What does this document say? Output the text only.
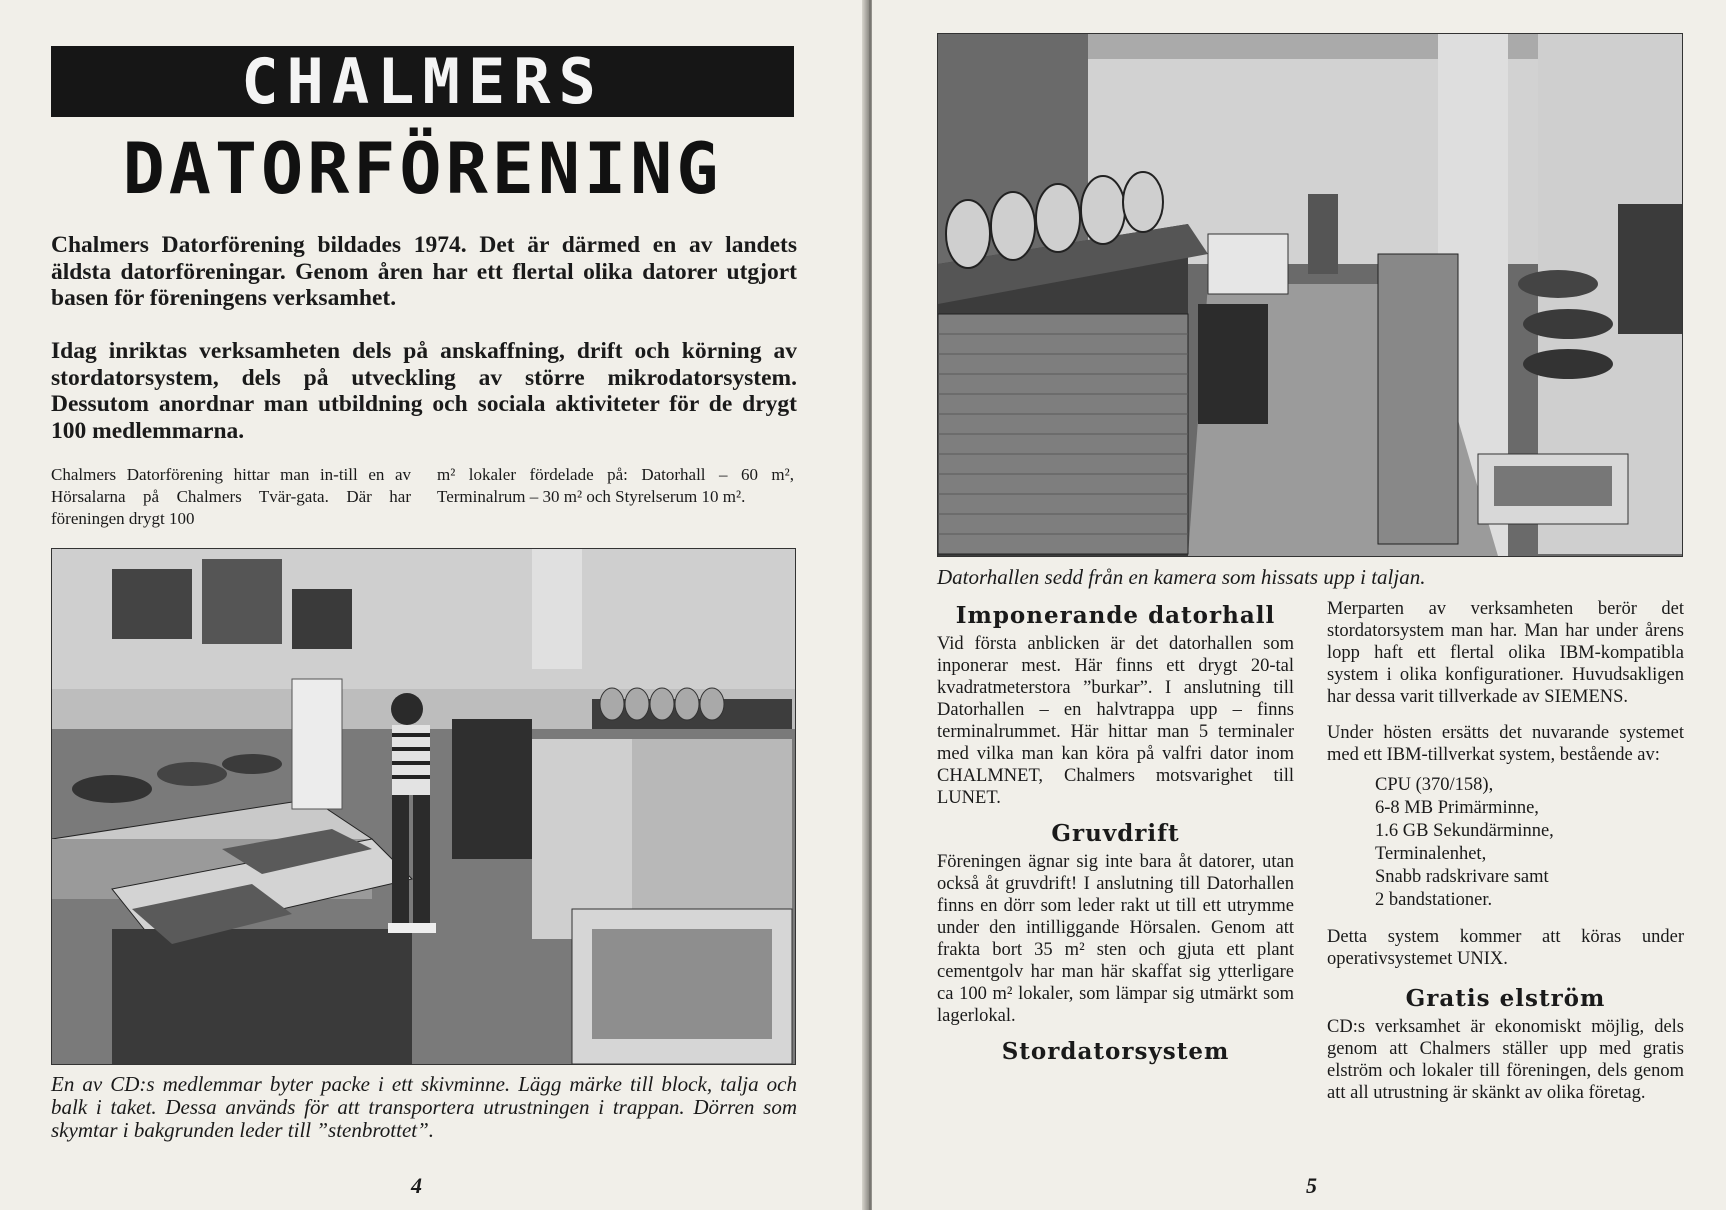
CHALMERS
DATORFÖRENING

Chalmers Datorförening bildades 1974. Det är därmed en av landets äldsta datorföreningar. Genom åren har ett flertal olika datorer utgjort basen för föreningens verksamhet.

Idag inriktas verksamheten dels på anskaffning, drift och körning av stordatorsystem, dels på utveckling av större mikrodatorsystem. Dessutom anordnar man utbildning och sociala aktiviteter för de drygt 100 medlemmarna.

Chalmers Datorförening hittar man in-till en av Hörsalarna på Chalmers Tvär-gata. Där har föreningen drygt 100

m² lokaler fördelade på: Datorhall – 60 m², Terminalrum – 30 m² och Styrelserum 10 m².

En av CD:s medlemmar byter packe i ett skivminne. Lägg märke till block, talja och balk i taket. Dessa används för att transportera utrustningen i trappan. Dörren som skymtar i bakgrunden leder till ”stenbrottet”.

4

Datorhallen sedd från en kamera som hissats upp i taljan.

Imponerande datorhall

Vid första anblicken är det datorhallen som inponerar mest. Här finns ett drygt 20-tal kvadratmeterstora ”burkar”. I anslutning till Datorhallen – en halvtrappa upp – finns terminalrummet. Här hittar man 5 terminaler med vilka man kan köra på valfri dator inom CHALMNET, Chalmers motsvarighet till LUNET.

Gruvdrift

Föreningen ägnar sig inte bara åt datorer, utan också åt gruvdrift! I anslutning till Datorhallen finns en dörr som leder rakt ut till ett utrymme under den intilliggande Hörsalen. Genom att frakta bort 35 m² sten och gjuta ett plant cementgolv har man här skaffat sig ytterligare ca 100 m² lokaler, som lämpar sig utmärkt som lagerlokal.

Stordatorsystem

Merparten av verksamheten berör det stordatorsystem man har. Man har under årens lopp haft ett flertal olika IBM-kompatibla system i olika konfigurationer. Huvudsakligen har dessa varit tillverkade av SIEMENS.

Under hösten ersätts det nuvarande systemet med ett IBM-tillverkat system, bestående av:

CPU (370/158),
6-8 MB Primärminne,
1.6 GB Sekundärminne,
Terminalenhet,
Snabb radskrivare samt
2 bandstationer.

Detta system kommer att köras under operativsystemet UNIX.

Gratis elström

CD:s verksamhet är ekonomiskt möjlig, dels genom att Chalmers ställer upp med gratis elström och lokaler till föreningen, dels genom att all utrustning är skänkt av olika företag.

5
